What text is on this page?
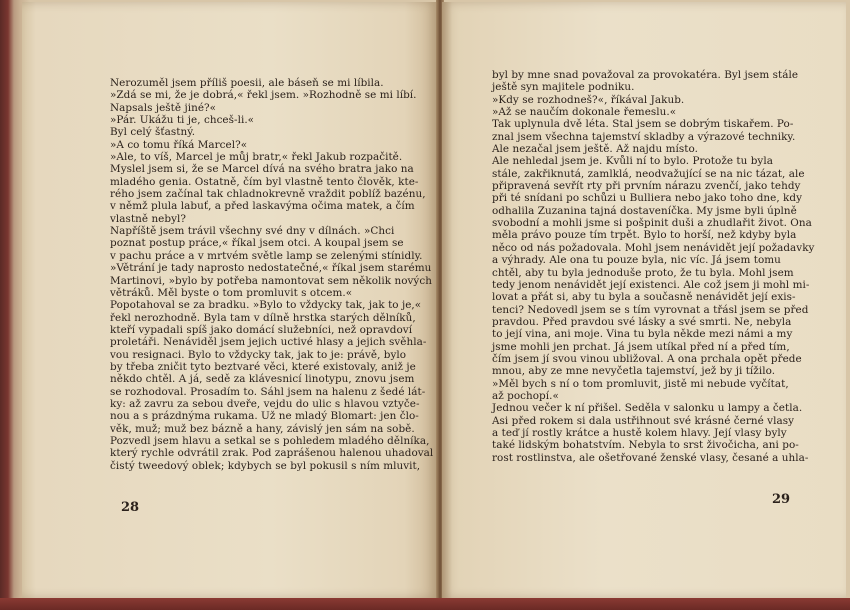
Nerozuměl jsem příliš poesii, ale báseň se mi líbila.

»Zdá se mi, že je dobrá,« řekl jsem. »Rozhodně se mi líbí.

Napsals ještě jiné?«

»Pár. Ukážu ti je, chceš-li.«

Byl celý šťastný.

»A co tomu říká Marcel?«

»Ale, to víš, Marcel je můj bratr,« řekl Jakub rozpačitě.

Myslel jsem si, že se Marcel dívá na svého bratra jako na

mladého genia. Ostatně, čím byl vlastně tento člověk, kte-

rého jsem začínal tak chladnokrevně vraždit poblíž bazénu,

v němž plula labuť, a před laskavýma očima matek, a čím

vlastně nebyl?

Napříště jsem trávil všechny své dny v dílnách. »Chci

poznat postup práce,« říkal jsem otci. A koupal jsem se

v pachu práce a v mrtvém světle lamp se zelenými stínidly.

»Větrání je tady naprosto nedostatečné,« říkal jsem starému

Martinovi, »bylo by potřeba namontovat sem několik nových

větráků. Měl byste o tom promluvit s otcem.«

Popotahoval se za bradku. »Bylo to vždycky tak, jak to je,«

řekl nerozhodně. Byla tam v dílně hrstka starých dělníků,

kteří vypadali spíš jako domácí služebníci, než opravdoví

proletáři. Nenáviděl jsem jejich uctivé hlasy a jejich svěhla-

vou resignaci. Bylo to vždycky tak, jak to je: právě, bylo

by třeba zničit tyto beztvaré věci, které existovaly, aniž je

někdo chtěl. A já, sedě za klávesnicí linotypu, znovu jsem

se rozhodoval. Prosadím to. Sáhl jsem na halenu z šedé lát-

ky: až zavru za sebou dveře, vejdu do ulic s hlavou vztyče-

nou a s prázdnýma rukama. Už ne mladý Blomart: jen člo-

věk, muž; muž bez bázně a hany, závislý jen sám na sobě.

Pozvedl jsem hlavu a setkal se s pohledem mladého dělníka,

který rychle odvrátil zrak. Pod zaprášenou halenou uhadoval

čistý tweedový oblek; kdybych se byl pokusil s ním mluvit,

28

byl by mne snad považoval za provokatéra. Byl jsem stále

ještě syn majitele podniku.

»Kdy se rozhodneš?«, říkával Jakub.

»Až se naučím dokonale řemeslu.«

Tak uplynula dvě léta. Stal jsem se dobrým tiskařem. Po-

znal jsem všechna tajemství skladby a výrazové techniky.

Ale nezačal jsem ještě. Až najdu místo.

Ale nehledal jsem je. Kvůli ní to bylo. Protože tu byla

stále, zakřiknutá, zamlklá, neodvažující se na nic tázat, ale

připravená sevřít rty při prvním nárazu zvenčí, jako tehdy

při té snídani po schůzi u Bulliera nebo jako toho dne, kdy

odhalila Zuzanina tajná dostaveníčka. My jsme byli úplně

svobodní a mohli jsme si pošpinit duši a zhudlařit život. Ona

měla právo pouze tím trpět. Bylo to horší, než kdyby byla

něco od nás požadovala. Mohl jsem nenávidět její požadavky

a výhrady. Ale ona tu pouze byla, nic víc. Já jsem tomu

chtěl, aby tu byla jednoduše proto, že tu byla. Mohl jsem

tedy jenom nenávidět její existenci. Ale což jsem ji mohl mi-

lovat a přát si, aby tu byla a současně nenávidět její exis-

tenci? Nedovedl jsem se s tím vyrovnat a třásl jsem se před

pravdou. Před pravdou své lásky a své smrti. Ne, nebyla

to její vina, ani moje. Vina tu byla někde mezi námi a my

jsme mohli jen prchat. Já jsem utíkal před ní a před tím,

čím jsem jí svou vinou ubližoval. A ona prchala opět přede

mnou, aby ze mne nevyčetla tajemství, jež by ji tížilo.

»Měl bych s ní o tom promluvit, jistě mi nebude vyčítat,

až pochopí.«

Jednou večer k ní přišel. Seděla v salonku u lampy a četla.

Asi před rokem si dala ustřihnout své krásné černé vlasy

a teď jí rostly krátce a hustě kolem hlavy. Její vlasy byly

také lidským bohatstvím. Nebyla to srst živočicha, ani po-

rost rostlinstva, ale ošetřované ženské vlasy, česané a uhla-

29
